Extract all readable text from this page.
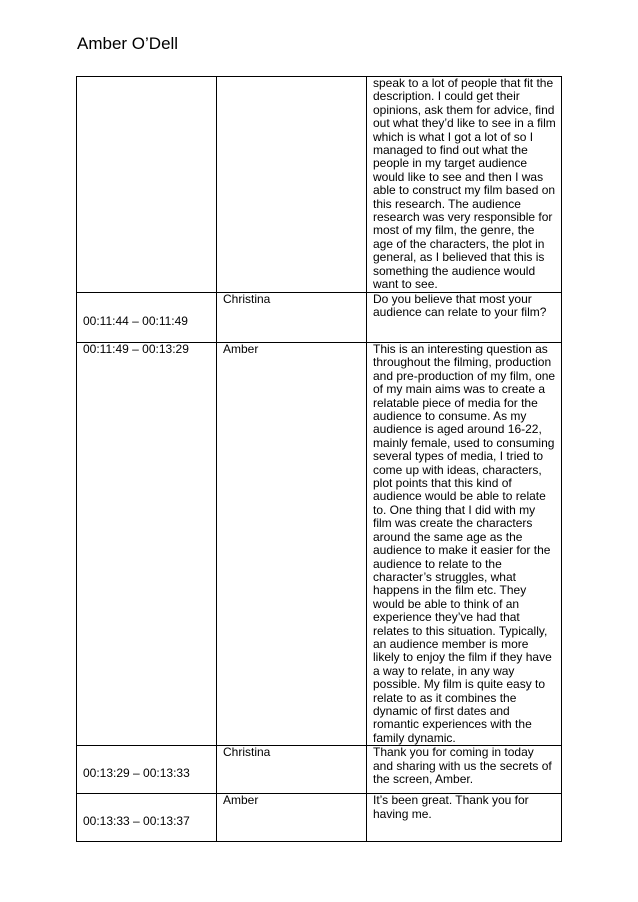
Amber O’Dell
		speak to a lot of people that fit the description. I could get their opinions, ask them for advice, find out what they’d like to see in a film which is what I got a lot of so I managed to find out what the people in my target audience would like to see and then I was able to construct my film based on this research. The audience research was very responsible for most of my film, the genre, the age of the characters, the plot in general, as I believed that this is something the audience would want to see.

00:11:44 – 00:11:49	Christina	Do you believe that most your audience can relate to your film?
00:11:49 – 00:13:29	Amber	This is an interesting question as throughout the filming, production and pre-production of my film, one of my main aims was to create a relatable piece of media for the audience to consume. As my audience is aged around 16-22, mainly female, used to consuming several types of media, I tried to come up with ideas, characters, plot points that this kind of audience would be able to relate to. One thing that I did with my film was create the characters around the same age as the audience to make it easier for the audience to relate to the character’s struggles, what happens in the film etc. They would be able to think of an experience they’ve had that relates to this situation. Typically, an audience member is more likely to enjoy the film if they have a way to relate, in any way possible. My film is quite easy to relate to as it combines the dynamic of first dates and romantic experiences with the family dynamic.

00:13:29 – 00:13:33	Christina	Thank you for coming in today and sharing with us the secrets of the screen, Amber.

00:13:33 – 00:13:37	Amber	It’s been great. Thank you for having me.
